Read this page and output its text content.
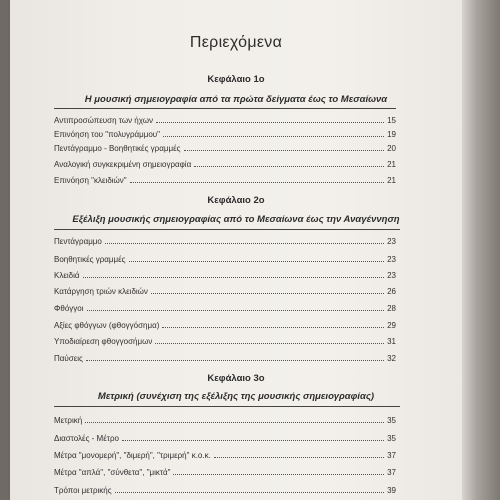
Περιεχόμενα
Κεφάλαιο 1ο
Η μουσική σημειογραφία από τα πρώτα δείγματα έως το Μεσαίωνα
Αντιπροσώπευση των ήχων	15
Επινόηση του "πολυγράμμου"	19
Πεντάγραμμο - Βοηθητικές γραμμές	20
Αναλογική συγκεκριμένη σημειογραφία	21
Επινόηση "κλειδιών"	21
Κεφάλαιο 2ο
Εξέλιξη μουσικής σημειογραφίας από το Μεσαίωνα έως την Αναγέννηση
Πεντάγραμμο	23
Βοηθητικές γραμμές	23
Κλειδιά	23
Κατάργηση τριών κλειδιών	26
Φθόγγοι	28
Αξίες φθόγγων (φθογγόσημα)	29
Υποδιαίρεση φθογγοσήμων	31
Παύσεις	32
Κεφάλαιο 3ο
Μετρική (συνέχιση της εξέλιξης της μουσικής σημειογραφίας)
Μετρική	35
Διαστολές - Μέτρο	35
Μέτρα "μονομερή", "διμερή", "τριμερή" κ.ο.κ.	37
Μέτρα "απλά", "σύνθετα", "μικτά"	37
Τρόποι μετρικής	39
